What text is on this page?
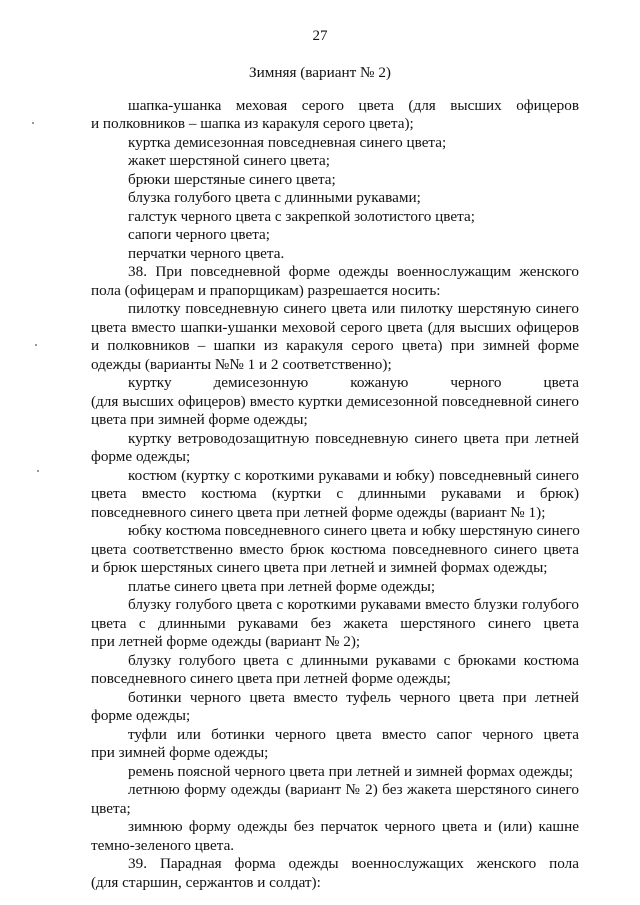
27
Зимняя (вариант № 2)
шапка-ушанка меховая серого цвета (для высших офицеров
и полковников – шапка из каракуля серого цвета);
куртка демисезонная повседневная синего цвета;
жакет шерстяной синего цвета;
брюки шерстяные синего цвета;
блузка голубого цвета с длинными рукавами;
галстук черного цвета с закрепкой золотистого цвета;
сапоги черного цвета;
перчатки черного цвета.
38. При повседневной форме одежды военнослужащим женского
пола (офицерам и прапорщикам) разрешается носить:
пилотку повседневную синего цвета или пилотку шерстяную синего
цвета вместо шапки-ушанки меховой серого цвета (для высших офицеров
и полковников – шапки из каракуля серого цвета) при зимней форме
одежды (варианты №№ 1 и 2 соответственно);
куртку демисезонную кожаную черного цвета
(для высших офицеров) вместо куртки демисезонной повседневной синего
цвета при зимней форме одежды;
куртку ветроводозащитную повседневную синего цвета при летней
форме одежды;
костюм (куртку с короткими рукавами и юбку) повседневный синего
цвета вместо костюма (куртки с длинными рукавами и брюк)
повседневного синего цвета при летней форме одежды (вариант № 1);
юбку костюма повседневного синего цвета и юбку шерстяную синего
цвета соответственно вместо брюк костюма повседневного синего цвета
и брюк шерстяных синего цвета при летней и зимней формах одежды;
платье синего цвета при летней форме одежды;
блузку голубого цвета с короткими рукавами вместо блузки голубого
цвета с длинными рукавами без жакета шерстяного синего цвета
при летней форме одежды (вариант № 2);
блузку голубого цвета с длинными рукавами с брюками костюма
повседневного синего цвета при летней форме одежды;
ботинки черного цвета вместо туфель черного цвета при летней
форме одежды;
туфли или ботинки черного цвета вместо сапог черного цвета
при зимней форме одежды;
ремень поясной черного цвета при летней и зимней формах одежды;
летнюю форму одежды (вариант № 2) без жакета шерстяного синего
цвета;
зимнюю форму одежды без перчаток черного цвета и (или) кашне
темно-зеленого цвета.
39. Парадная форма одежды военнослужащих женского пола
(для старшин, сержантов и солдат):
